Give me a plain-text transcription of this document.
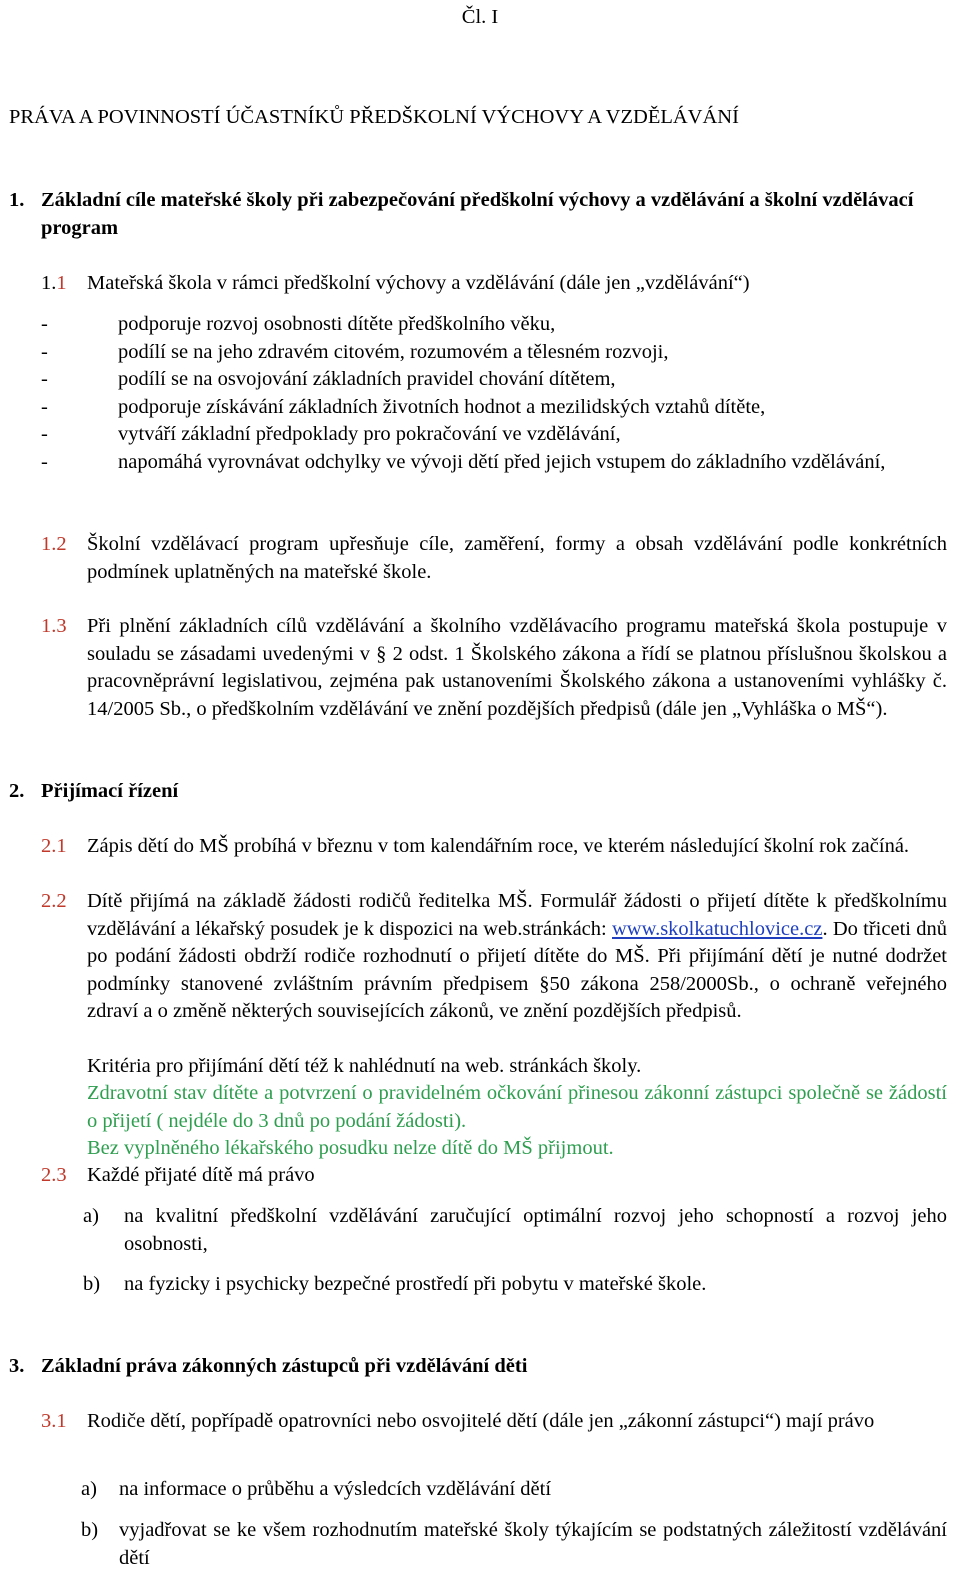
Čl. I
PRÁVA A POVINNOSTÍ ÚČASTNÍKŮ PŘEDŠKOLNÍ VÝCHOVY A VZDĚLÁVÁNÍ
1. Základní cíle mateřské školy při zabezpečování předškolní výchovy a vzdělávání a školní vzdělávací program
1.1 Mateřská škola v rámci předškolní výchovy a vzdělávání (dále jen „vzdělávání“)
-	podporuje rozvoj osobnosti dítěte předškolního věku,
-	podílí se na jeho zdravém citovém, rozumovém a tělesném rozvoji,
-	podílí se na osvojování základních pravidel chování dítětem,
-	podporuje získávání základních životních hodnot a mezilidských vztahů dítěte,
-	vytváří základní předpoklady pro pokračování ve vzdělávání,
-	napomáhá vyrovnávat odchylky ve vývoji dětí před jejich vstupem do základního vzdělávání,
1.2 Školní vzdělávací program upřesňuje cíle, zaměření, formy a obsah vzdělávání podle konkrétních podmínek uplatněných na mateřské škole.
1.3 Při plnění základních cílů vzdělávání a školního vzdělávacího programu mateřská škola postupuje v souladu se zásadami uvedenými v § 2 odst. 1 Školského zákona a řídí se platnou příslušnou školskou a pracovněprávní legislativou, zejména pak ustanoveními Školského zákona a ustanoveními vyhlášky č. 14/2005 Sb., o předškolním vzdělávání ve znění pozdějších předpisů (dále jen „Vyhláška o MŠ“).
2. Přijímací řízení
2.1 Zápis dětí do MŠ probíhá v březnu v tom kalendářním roce, ve kterém následující školní rok začíná.
2.2 Dítě přijímá na základě žádosti rodičů ředitelka MŠ. Formulář žádosti o přijetí dítěte k předškolnímu vzdělávání a lékařský posudek je k dispozici na web.stránkách: www.skolkatuchlovice.cz. Do třiceti dnů po podání žádosti obdrží rodiče rozhodnutí o přijetí dítěte do MŠ. Při přijímání dětí je nutné dodržet podmínky stanovené zvláštním právním předpisem §50 zákona 258/2000Sb., o ochraně veřejného zdraví a o změně některých souvisejících zákonů, ve znění pozdějších předpisů.
Kritéria pro přijímání dětí též k nahlédnutí na web. stránkách školy.
Zdravotní stav dítěte a potvrzení o pravidelném očkování přinesou zákonní zástupci společně se žádostí o přijetí ( nejdéle do 3 dnů po podání žádosti).
Bez vyplněného lékařského posudku nelze dítě do MŠ přijmout.
2.3 Každé přijaté dítě má právo
a) na kvalitní předškolní vzdělávání zaručující optimální rozvoj jeho schopností a rozvoj jeho osobnosti,
b) na fyzicky i psychicky bezpečné prostředí při pobytu v mateřské škole.
3. Základní práva zákonných zástupců při vzdělávání děti
3.1 Rodiče dětí, popřípadě opatrovníci nebo osvojitelé dětí (dále jen „zákonní zástupci“) mají právo
a) na informace o průběhu a výsledcích vzdělávání dětí
b) vyjadřovat se ke všem rozhodnutím mateřské školy týkajícím se podstatných záležitostí vzdělávání dětí
